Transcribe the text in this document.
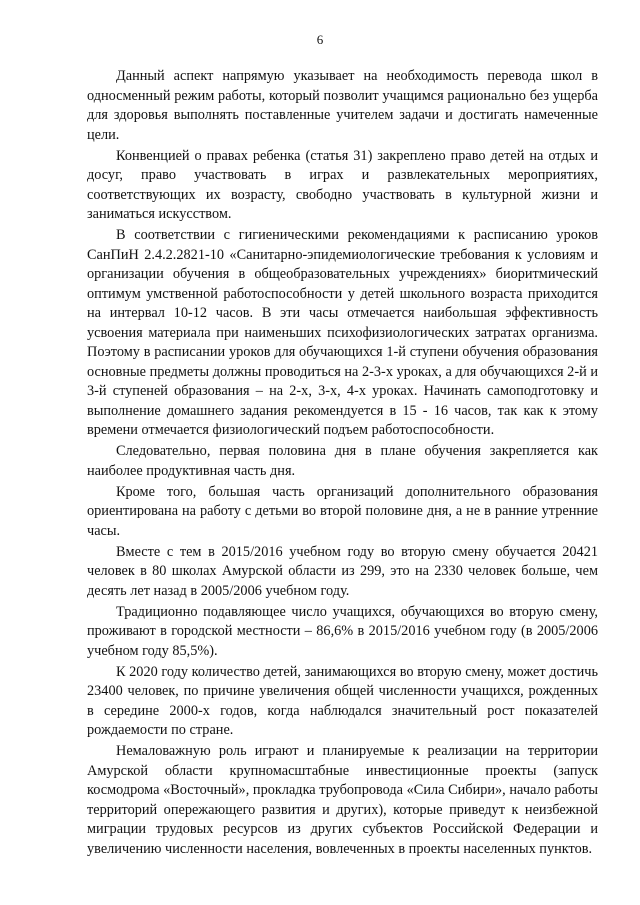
6

Данный аспект напрямую указывает на необходимость перевода школ в односменный режим работы, который позволит учащимся рационально без ущерба для здоровья выполнять поставленные учителем задачи и достигать намеченные цели.

Конвенцией о правах ребенка (статья 31) закреплено право детей на отдых и досуг, право участвовать в играх и развлекательных мероприятиях, соответствующих их возрасту, свободно участвовать в культурной жизни и заниматься искусством.

В соответствии с гигиеническими рекомендациями к расписанию уроков СанПиН 2.4.2.2821-10 «Санитарно-эпидемиологические требования к условиям и организации обучения в общеобразовательных учреждениях» биоритмический оптимум умственной работоспособности у детей школьного возраста приходится на интервал 10-12 часов. В эти часы отмечается наибольшая эффективность усвоения материала при наименьших психофизиологических затратах организма. Поэтому в расписании уроков для обучающихся 1-й ступени обучения образования основные предметы должны проводиться на 2-3-х уроках, а для обучающихся 2-й и 3-й ступеней образования – на 2-х, 3-х, 4-х уроках. Начинать самоподготовку и выполнение домашнего задания рекомендуется в 15 - 16 часов, так как к этому времени отмечается физиологический подъем работоспособности.

Следовательно, первая половина дня в плане обучения закрепляется как наиболее продуктивная часть дня.

Кроме того, большая часть организаций дополнительного образования ориентирована на работу с детьми во второй половине дня, а не в ранние утренние часы.

Вместе с тем в 2015/2016 учебном году во вторую смену обучается 20421 человек в 80 школах Амурской области из 299, это на 2330 человек больше, чем десять лет назад в 2005/2006 учебном году.

Традиционно подавляющее число учащихся, обучающихся во вторую смену, проживают в городской местности – 86,6% в 2015/2016 учебном году (в 2005/2006 учебном году 85,5%).

К 2020 году количество детей, занимающихся во вторую смену, может достичь 23400 человек, по причине увеличения общей численности учащихся, рожденных в середине 2000-х годов, когда наблюдался значительный рост показателей рождаемости по стране.

Немаловажную роль играют и планируемые к реализации на территории Амурской области крупномасштабные инвестиционные проекты (запуск космодрома «Восточный», прокладка трубопровода «Сила Сибири», начало работы территорий опережающего развития и других), которые приведут к неизбежной миграции трудовых ресурсов из других субъектов Российской Федерации и увеличению численности населения, вовлеченных в проекты населенных пунктов.
